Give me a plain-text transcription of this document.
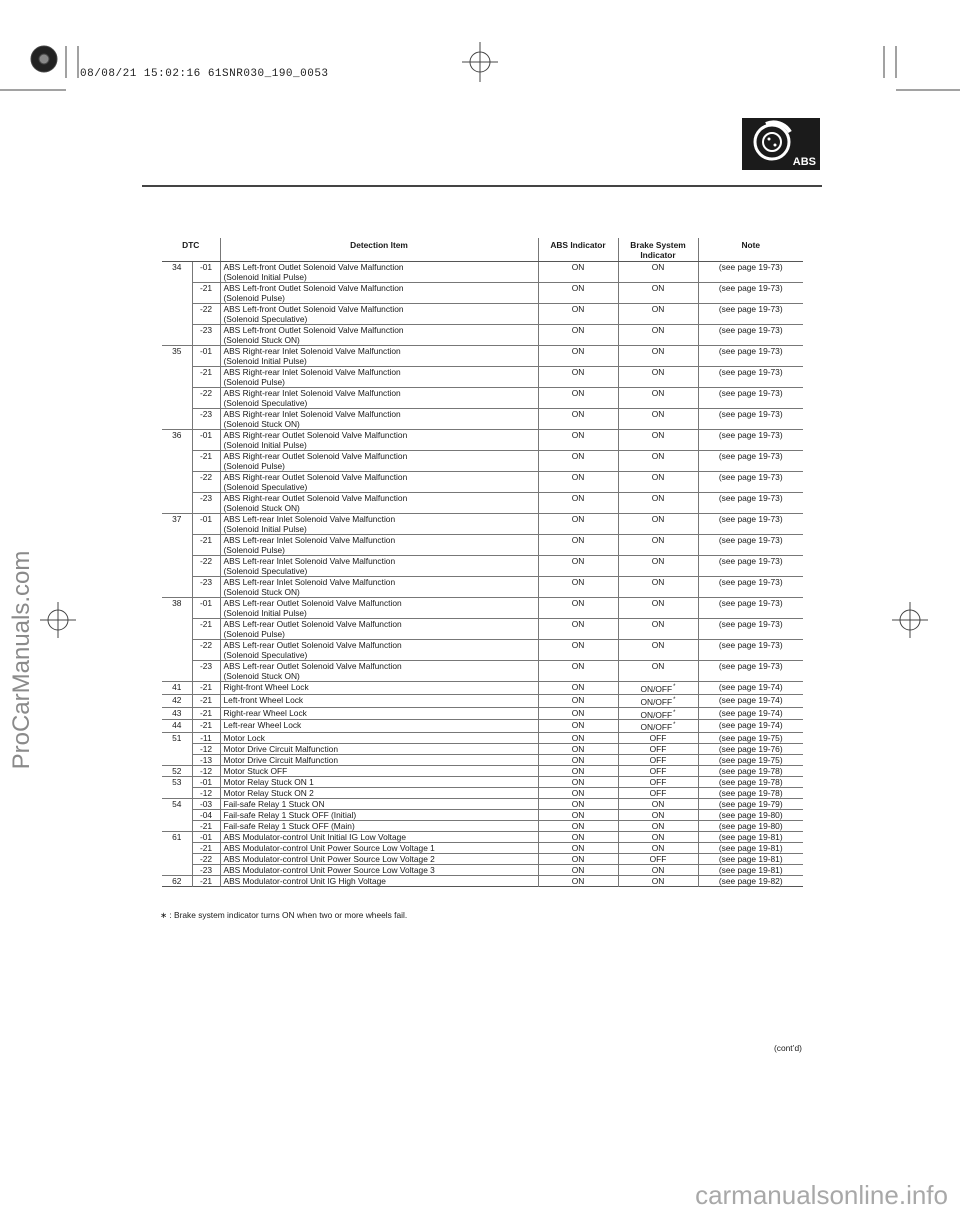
08/08/21 15:02:16 61SNR030_190_0053
ProCarManuals.com
ABS
DTC		Detection Item	ABS Indicator	Brake System
Indicator	Note
34	-01	ABS Left-front Outlet Solenoid Valve Malfunction
(Solenoid Initial Pulse)	ON	ON	(see page 19-73)
	-21	ABS Left-front Outlet Solenoid Valve Malfunction
(Solenoid Pulse)	ON	ON	(see page 19-73)
	-22	ABS Left-front Outlet Solenoid Valve Malfunction
(Solenoid Speculative)	ON	ON	(see page 19-73)
	-23	ABS Left-front Outlet Solenoid Valve Malfunction
(Solenoid Stuck ON)	ON	ON	(see page 19-73)
35	-01	ABS Right-rear Inlet Solenoid Valve Malfunction
(Solenoid Initial Pulse)	ON	ON	(see page 19-73)
	-21	ABS Right-rear Inlet Solenoid Valve Malfunction
(Solenoid Pulse)	ON	ON	(see page 19-73)
	-22	ABS Right-rear Inlet Solenoid Valve Malfunction
(Solenoid Speculative)	ON	ON	(see page 19-73)
	-23	ABS Right-rear Inlet Solenoid Valve Malfunction
(Solenoid Stuck ON)	ON	ON	(see page 19-73)
36	-01	ABS Right-rear Outlet Solenoid Valve Malfunction
(Solenoid Initial Pulse)	ON	ON	(see page 19-73)
	-21	ABS Right-rear Outlet Solenoid Valve Malfunction
(Solenoid Pulse)	ON	ON	(see page 19-73)
	-22	ABS Right-rear Outlet Solenoid Valve Malfunction
(Solenoid Speculative)	ON	ON	(see page 19-73)
	-23	ABS Right-rear Outlet Solenoid Valve Malfunction
(Solenoid Stuck ON)	ON	ON	(see page 19-73)
37	-01	ABS Left-rear Inlet Solenoid Valve Malfunction
(Solenoid Initial Pulse)	ON	ON	(see page 19-73)
	-21	ABS Left-rear Inlet Solenoid Valve Malfunction
(Solenoid Pulse)	ON	ON	(see page 19-73)
	-22	ABS Left-rear Inlet Solenoid Valve Malfunction
(Solenoid Speculative)	ON	ON	(see page 19-73)
	-23	ABS Left-rear Inlet Solenoid Valve Malfunction
(Solenoid Stuck ON)	ON	ON	(see page 19-73)
38	-01	ABS Left-rear Outlet Solenoid Valve Malfunction
(Solenoid Initial Pulse)	ON	ON	(see page 19-73)
	-21	ABS Left-rear Outlet Solenoid Valve Malfunction
(Solenoid Pulse)	ON	ON	(see page 19-73)
	-22	ABS Left-rear Outlet Solenoid Valve Malfunction
(Solenoid Speculative)	ON	ON	(see page 19-73)
	-23	ABS Left-rear Outlet Solenoid Valve Malfunction
(Solenoid Stuck ON)	ON	ON	(see page 19-73)
41	-21	Right-front Wheel Lock	ON	ON/OFF*	(see page 19-74)
42	-21	Left-front Wheel Lock	ON	ON/OFF*	(see page 19-74)
43	-21	Right-rear Wheel Lock	ON	ON/OFF*	(see page 19-74)
44	-21	Left-rear Wheel Lock	ON	ON/OFF*	(see page 19-74)
51	-11	Motor Lock	ON	OFF	(see page 19-75)
	-12	Motor Drive Circuit Malfunction	ON	OFF	(see page 19-76)
	-13	Motor Drive Circuit Malfunction	ON	OFF	(see page 19-75)
52	-12	Motor Stuck OFF	ON	OFF	(see page 19-78)
53	-01	Motor Relay Stuck ON 1	ON	OFF	(see page 19-78)
	-12	Motor Relay Stuck ON 2	ON	OFF	(see page 19-78)
54	-03	Fail-safe Relay 1 Stuck ON	ON	ON	(see page 19-79)
	-04	Fail-safe Relay 1 Stuck OFF (Initial)	ON	ON	(see page 19-80)
	-21	Fail-safe Relay 1 Stuck OFF (Main)	ON	ON	(see page 19-80)
61	-01	ABS Modulator-control Unit Initial IG Low Voltage	ON	ON	(see page 19-81)
	-21	ABS Modulator-control Unit Power Source Low Voltage 1	ON	ON	(see page 19-81)
	-22	ABS Modulator-control Unit Power Source Low Voltage 2	ON	OFF	(see page 19-81)
	-23	ABS Modulator-control Unit Power Source Low Voltage 3	ON	ON	(see page 19-81)
62	-21	ABS Modulator-control Unit IG High Voltage	ON	ON	(see page 19-82)
∗ : Brake system indicator turns ON when two or more wheels fail.
(cont’d)
carmanualsonline.info
